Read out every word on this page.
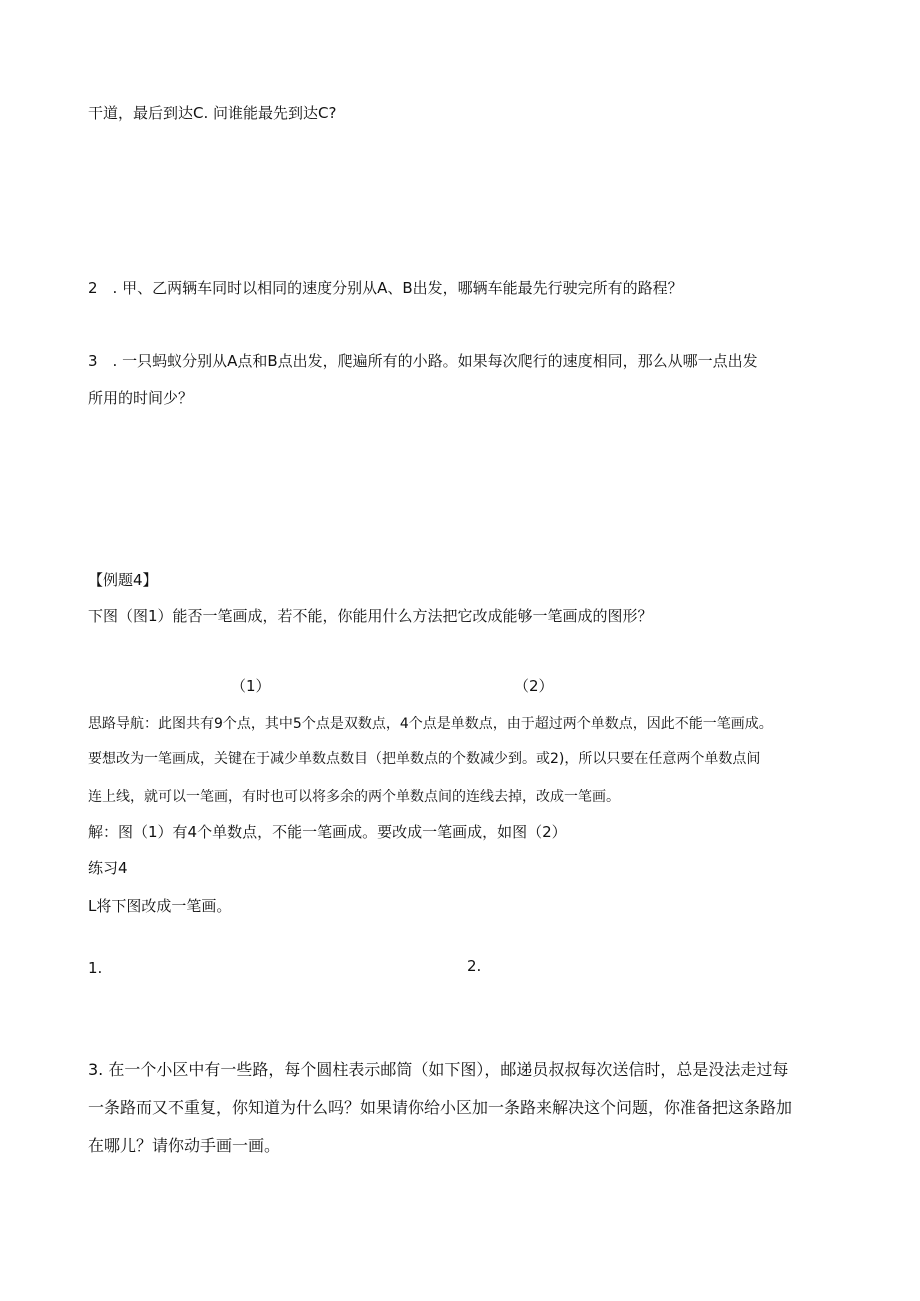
干道，最后到达C. 问谁能最先到达C?
2　. 甲、乙两辆车同时以相同的速度分别从A、B出发，哪辆车能最先行驶完所有的路程？
3　. 一只蚂蚁分别从A点和B点出发，爬遍所有的小路。如果每次爬行的速度相同，那么从哪一点出发
所用的时间少？
【例题4】
下图（图1）能否一笔画成，若不能，你能用什么方法把它改成能够一笔画成的图形？
（1）	（2）
思路导航：此图共有9个点，其中5个点是双数点，4个点是单数点，由于超过两个单数点，因此不能一笔画成。
要想改为一笔画成，关键在于减少单数点数目（把单数点的个数减少到。或2)，所以只要在任意两个单数点间
连上线，就可以一笔画，有时也可以将多余的两个单数点间的连线去掉，改成一笔画。
解：图（1）有4个单数点，不能一笔画成。要改成一笔画成，如图（2）
练习4
L将下图改成一笔画。
1.	2.
3. 在一个小区中有一些路，每个圆柱表示邮筒（如下图），邮递员叔叔每次送信时，总是没法走过每
一条路而又不重复，你知道为什么吗？如果请你给小区加一条路来解决这个问题，你准备把这条路加
在哪儿？请你动手画一画。
